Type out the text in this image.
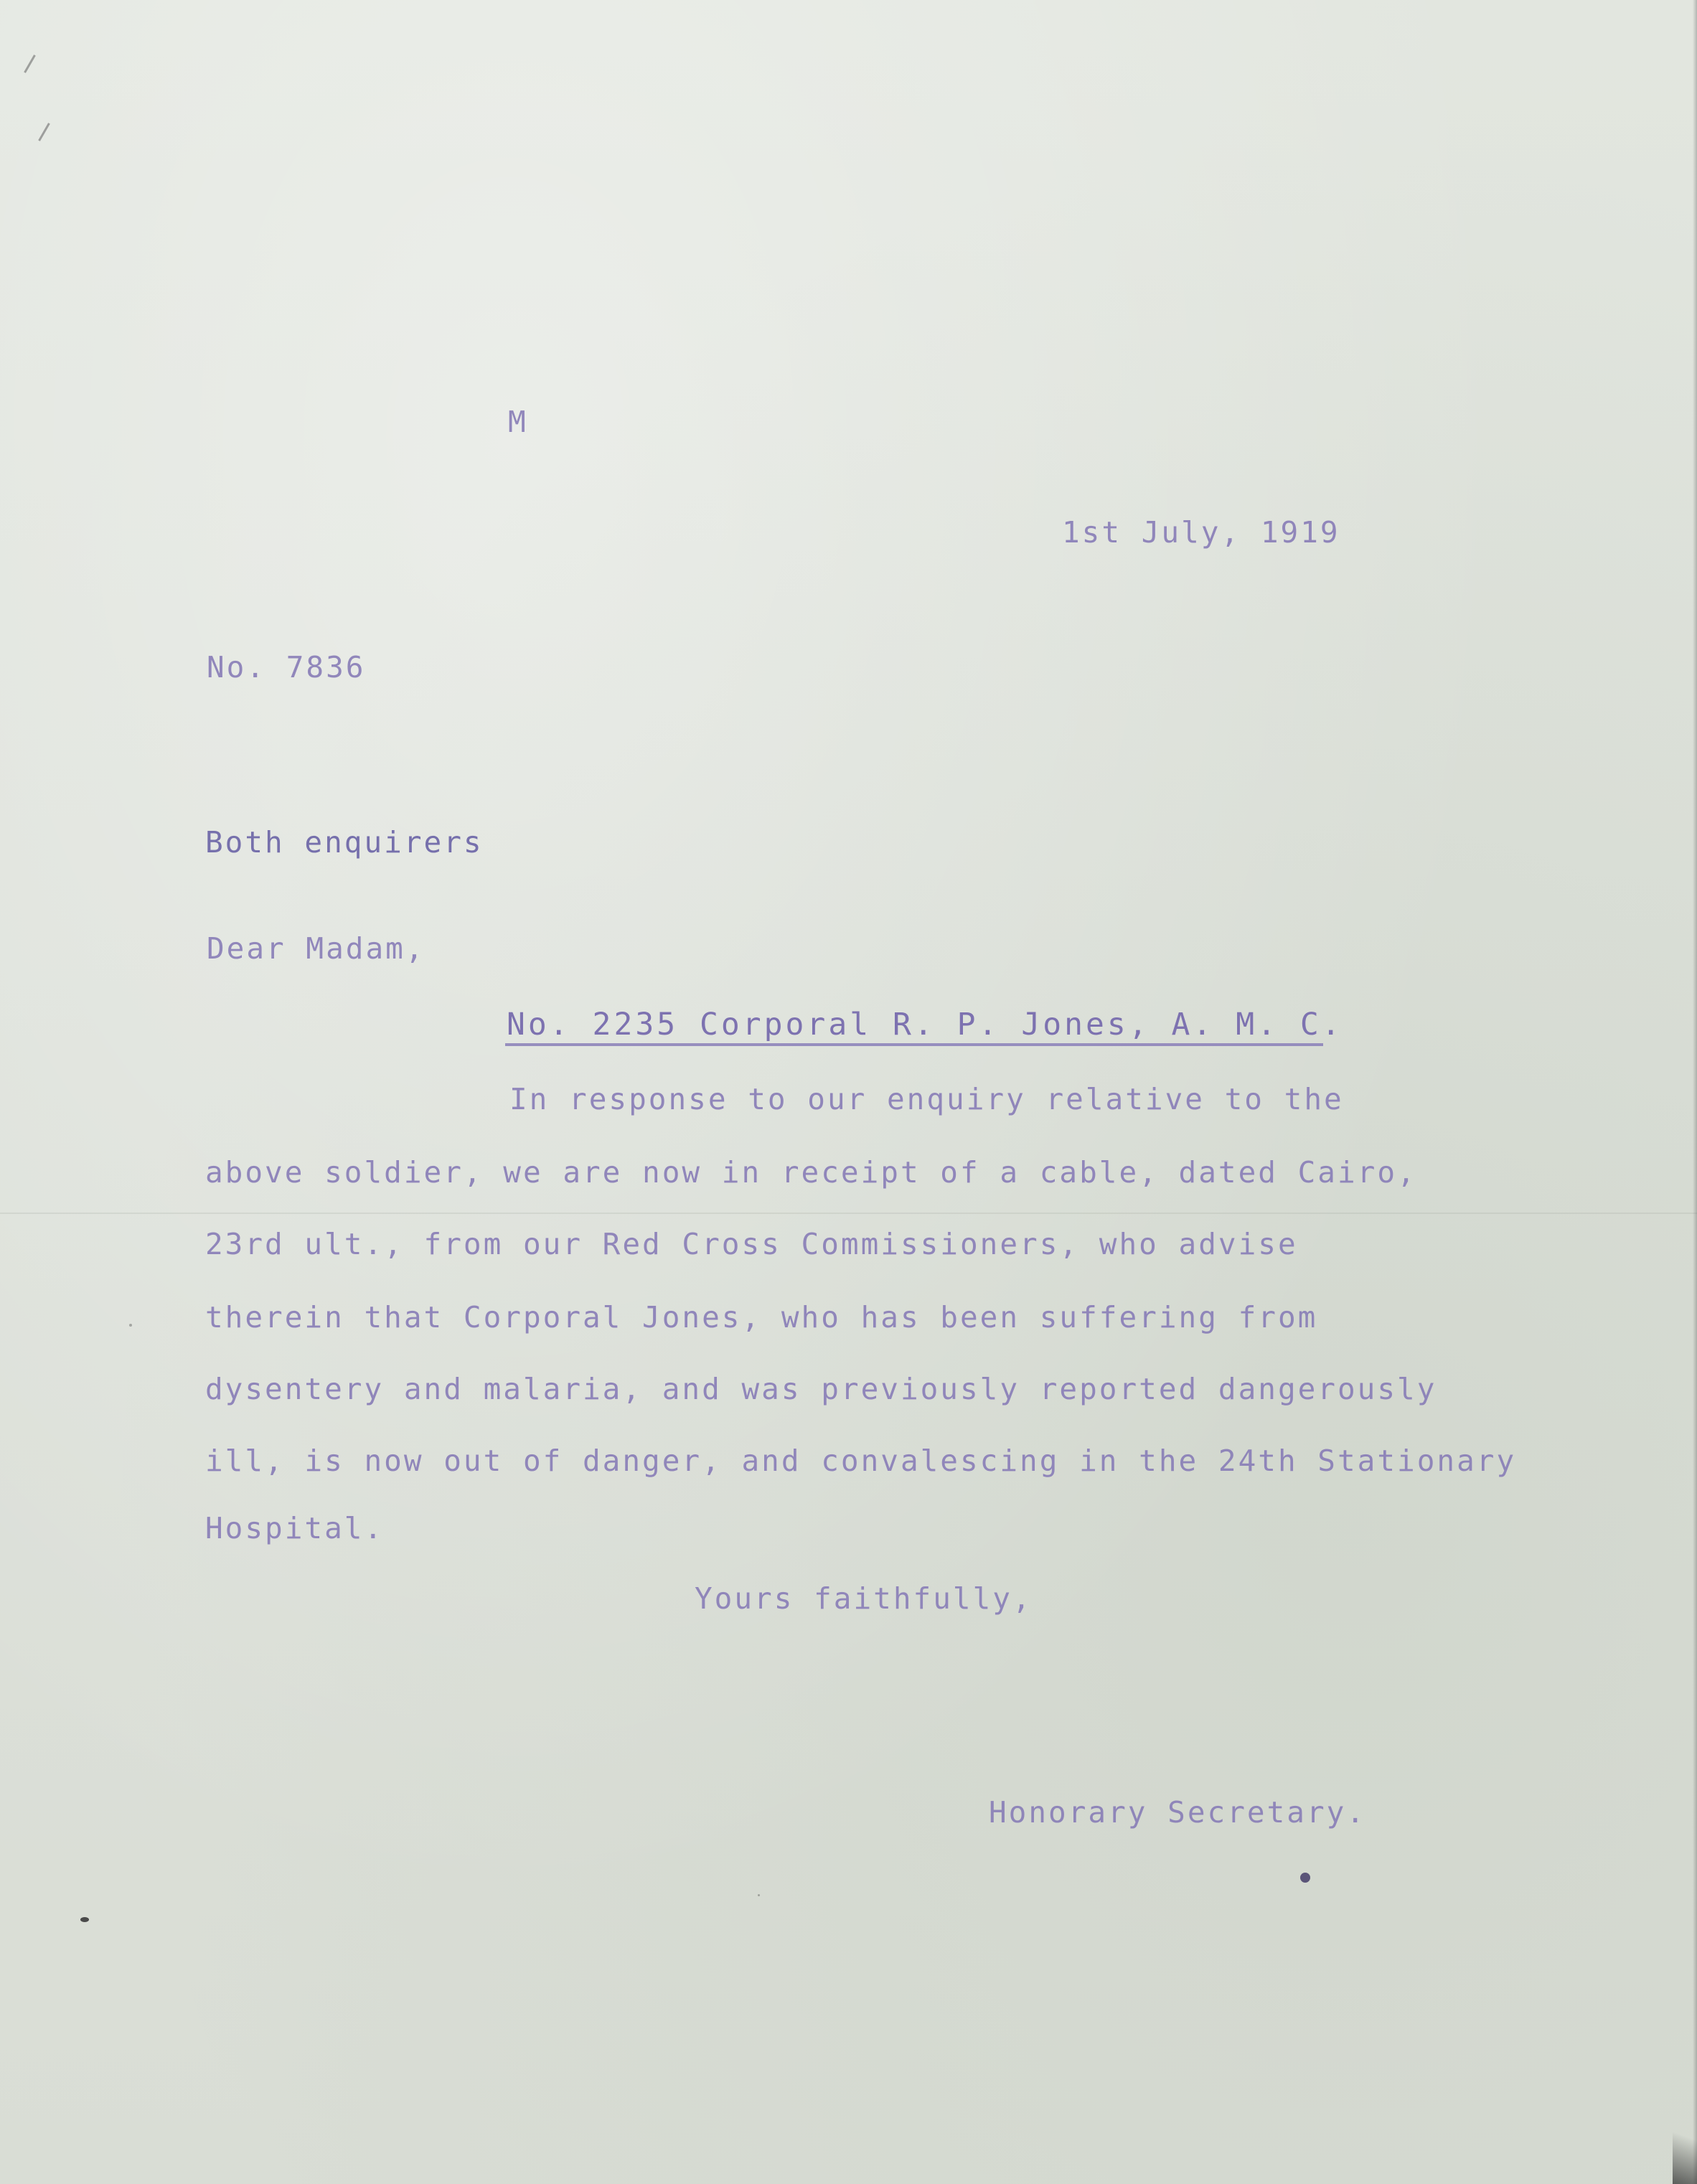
M
1st July, 1919
No. 7836
Both enquirers
Dear Madam,
No. 2235 Corporal R. P. Jones, A. M. C.
In response to our enquiry relative to the
above soldier, we are now in receipt of a cable, dated Cairo,
23rd ult., from our Red Cross Commissioners, who advise
therein that Corporal Jones, who has been suffering from
dysentery and malaria, and was previously reported dangerously
ill, is now out of danger, and convalescing in the 24th Stationary
Hospital.
Yours faithfully,
Honorary Secretary.
